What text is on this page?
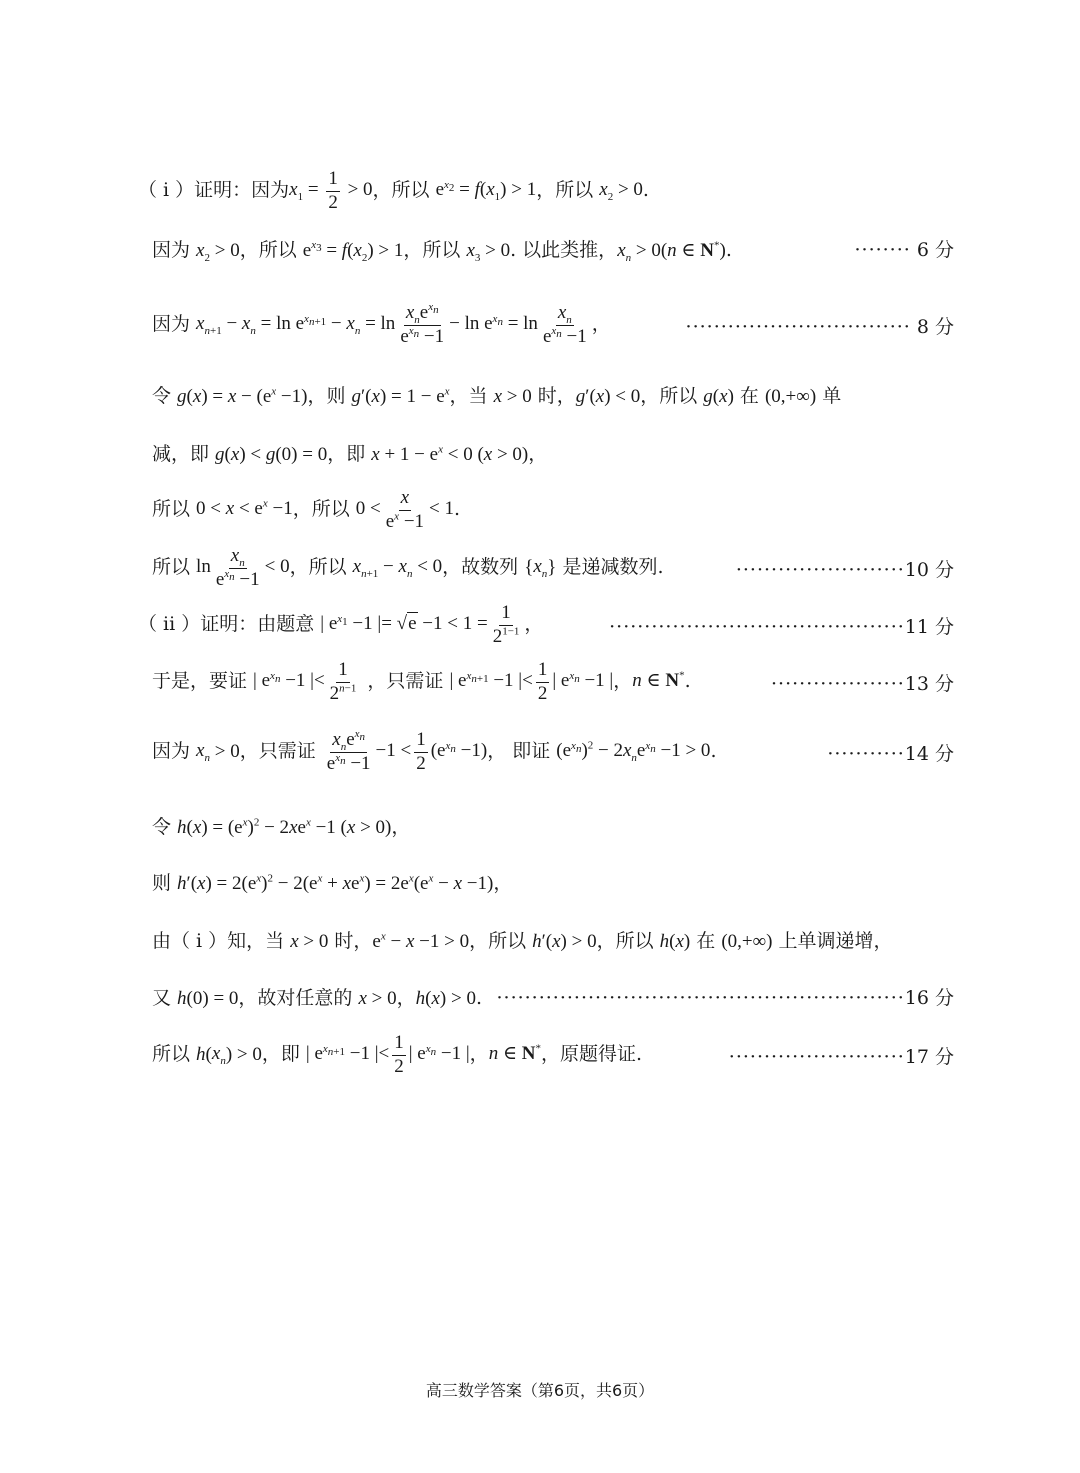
（ i ）证明：因为$x_1 = \frac{1}{2} > 0$，所以 $e^{x_2} = f(x_1) > 1$，所以 $x_2 > 0$.
因为 $x_2 > 0$，所以 $e^{x_3} = f(x_2) > 1$，所以 $x_3 > 0$. 以此类推，$x_n > 0(n$ ∈ N*).	········ 6 分
因为 $x_{n+1} - x_n = \ln e^{x_{n+1}} - x_n = \ln \frac{x_ne^{x_n}}{e^{x_n} -1} - \ln e^{x_n} = \ln \frac{x_n}{e^{x_n} -1}$ ，	································ 8 分
令 $g(x) = x - (e^x -1)$，则 $g'(x) = 1 - e^x$，当 x > 0 时，g′(x) < 0，所以 g(x) 在 (0,+∞) 单
减，即 g(x) < g(0) = 0，即 $x + 1 - e^x < 0$ (x > 0)，
所以 $0 < x < e^x -1$，所以 $0 < \frac{x}{e^x -1} < 1$.
所以 $\ln \frac{x_n}{e^{x_n} -1} < 0$，所以 $x_{n+1} - x_n < 0$，故数列 $\{x_n\}$ 是递减数列.	························10 分
（ ii ）证明：由题意 | $e^{x_1} -1$ |= $√e -1 < 1 = \frac{1}{2^{1-1}}$ ，	··········································11 分
于是，要证 | $e^{x_n} -1$ |< $\frac{1}{2^{n-1}}$ ，只需证 | $e^{x_{n+1}} -1$ |< $\frac{1}{2}$ | $e^{x_n} -1$ |，n ∈ N*.	···················13 分
因为 $x_n > 0$，只需证 $\frac{x_ne^{x_n}}{e^{x_n} -1} -1 < \frac{1}{2} (e^{x_n} -1)$， 即证 $(e^{x_n})^2 - 2x_ne^{x_n} -1 > 0$.	···········14 分
令 $h(x) = (e^x)^2 - 2xe^x -1$ (x > 0)，
则 $h'(x) = 2(e^x)^2 - 2(e^x + xe^x) = 2e^x(e^x - x -1)$，
由（ i ）知，当 x > 0 时，$e^x - x -1 > 0$，所以 h′(x) > 0，所以 h(x) 在 (0,+∞) 上单调递增，
又 h(0) = 0，故对任意的 x > 0，h(x) > 0. ··························································16 分
所以 $h(x_n) > 0$，即 | $e^{x_{n+1}} -1$ |< $\frac{1}{2}$ | $e^{x_n} -1$ |，n ∈ N*，原题得证.	·························17 分
高三数学答案（第6页，共6页）
